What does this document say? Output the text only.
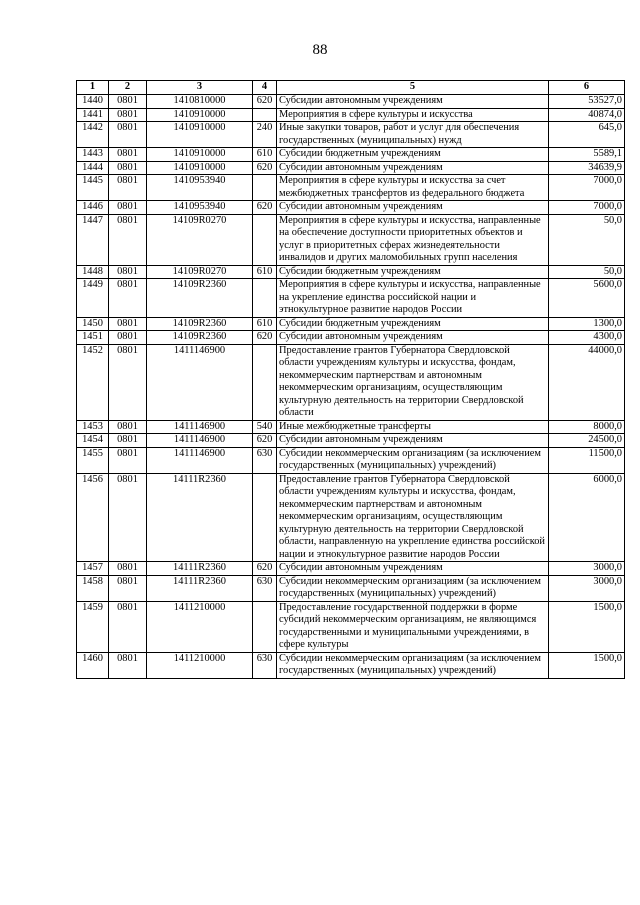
88
1	2	3	4	5	6
1440	0801	1410810000	620	Субсидии автономным учреждениям	53527,0
1441	0801	1410910000		Мероприятия в сфере культуры и искусства	40874,0
1442	0801	1410910000	240	Иные закупки товаров, работ и услуг для обеспечения государственных (муниципальных) нужд	645,0
1443	0801	1410910000	610	Субсидии бюджетным учреждениям	5589,1
1444	0801	1410910000	620	Субсидии автономным учреждениям	34639,9
1445	0801	1410953940		Мероприятия в сфере культуры и искусства за счет межбюджетных трансфертов из федерального бюджета	7000,0
1446	0801	1410953940	620	Субсидии автономным учреждениям	7000,0
1447	0801	14109R0270		Мероприятия в сфере культуры и искусства, направленные на обеспечение доступности приоритетных объектов и услуг в приоритетных сферах жизнедеятельности инвалидов и других маломобильных групп населения	50,0
1448	0801	14109R0270	610	Субсидии бюджетным учреждениям	50,0
1449	0801	14109R2360		Мероприятия в сфере культуры и искусства, направленные на укрепление единства российской нации и этнокультурное развитие народов России	5600,0
1450	0801	14109R2360	610	Субсидии бюджетным учреждениям	1300,0
1451	0801	14109R2360	620	Субсидии автономным учреждениям	4300,0
1452	0801	1411146900		Предоставление грантов Губернатора Свердловской области учреждениям культуры и искусства, фондам, некоммерческим партнерствам и автономным некоммерческим организациям, осуществляющим культурную деятельность на территории Свердловской области	44000,0
1453	0801	1411146900	540	Иные межбюджетные трансферты	8000,0
1454	0801	1411146900	620	Субсидии автономным учреждениям	24500,0
1455	0801	1411146900	630	Субсидии некоммерческим организациям (за исключением государственных (муниципальных) учреждений)	11500,0
1456	0801	14111R2360		Предоставление грантов Губернатора Свердловской области учреждениям культуры и искусства, фондам, некоммерческим партнерствам и автономным некоммерческим организациям, осуществляющим культурную деятельность на территории Свердловской области, направленную на укрепление единства российской нации и этнокультурное развитие народов России	6000,0
1457	0801	14111R2360	620	Субсидии автономным учреждениям	3000,0
1458	0801	14111R2360	630	Субсидии некоммерческим организациям (за исключением государственных (муниципальных) учреждений)	3000,0
1459	0801	1411210000		Предоставление государственной поддержки в форме субсидий некоммерческим организациям, не являющимся государственными и муниципальными учреждениями, в сфере культуры	1500,0
1460	0801	1411210000	630	Субсидии некоммерческим организациям (за исключением государственных (муниципальных) учреждений)	1500,0
